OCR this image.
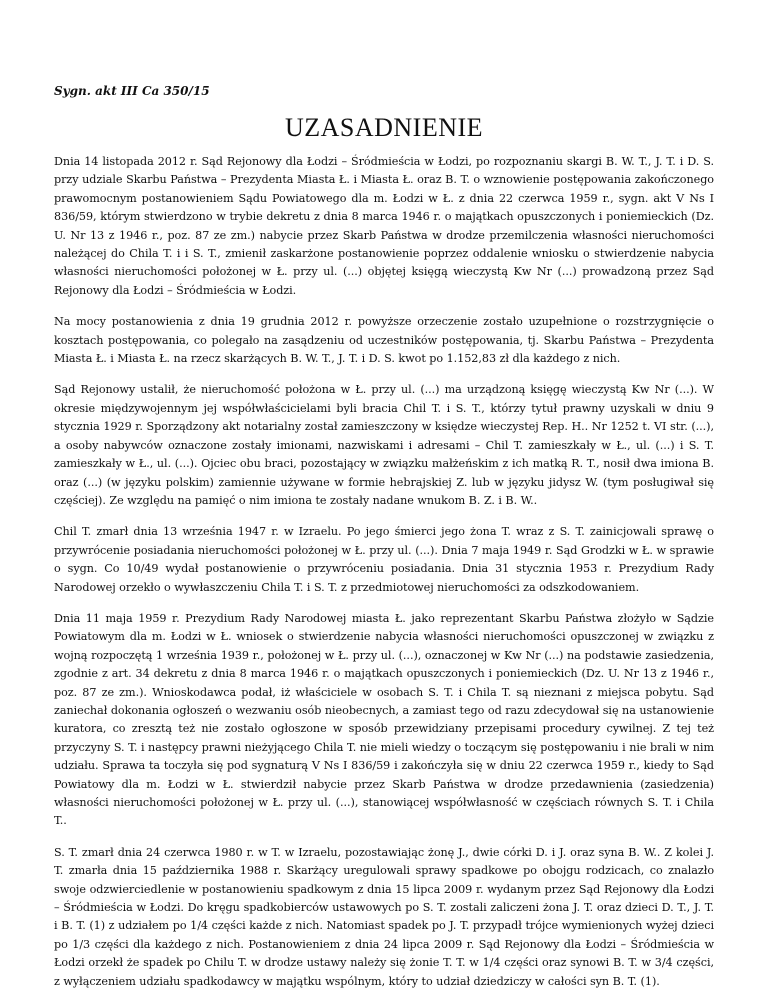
Sygn. akt III Ca 350/15
UZASADNIENIE

Dnia 14 listopada 2012 r. Sąd Rejonowy dla Łodzi – Śródmieścia w Łodzi, po rozpoznaniu skargi B. W. T., J. T. i D. S. przy udziale Skarbu Państwa – Prezydenta Miasta Ł. i Miasta Ł. oraz B. T. o wznowienie postępowania zakończonego prawomocnym postanowieniem Sądu Powiatowego dla m. Łodzi w Ł. z dnia 22 czerwca 1959 r., sygn. akt V Ns I 836/59, którym stwierdzono w trybie dekretu z dnia 8 marca 1946 r. o majątkach opuszczonych i poniemieckich (Dz. U. Nr 13 z 1946 r., poz. 87 ze zm.) nabycie przez Skarb Państwa w drodze przemilczenia własności nieruchomości należącej do Chila T. i i S. T., zmienił zaskarżone postanowienie poprzez oddalenie wniosku o stwierdzenie nabycia własności nieruchomości położonej w Ł. przy ul. (...) objętej księgą wieczystą Kw Nr (...) prowadzoną przez Sąd Rejonowy dla Łodzi – Śródmieścia w Łodzi.

Na mocy postanowienia z dnia 19 grudnia 2012 r. powyższe orzeczenie zostało uzupełnione o rozstrzygnięcie o kosztach postępowania, co polegało na zasądzeniu od uczestników postępowania, tj. Skarbu Państwa – Prezydenta Miasta Ł. i Miasta Ł. na rzecz skarżących B. W. T., J. T. i D. S. kwot po 1.152,83 zł dla każdego z nich.

Sąd Rejonowy ustalił, że nieruchomość położona w Ł. przy ul. (...) ma urządzoną księgę wieczystą Kw Nr (...). W okresie międzywojennym jej współwłaścicielami byli bracia Chil T. i S. T., którzy tytuł prawny uzyskali w dniu 9 stycznia 1929 r. Sporządzony akt notarialny został zamieszczony w księdze wieczystej Rep. H.. Nr 1252 t. VI str. (...), a osoby nabywców oznaczone zostały imionami, nazwiskami i adresami – Chil T. zamieszkały w Ł., ul. (...) i S. T. zamieszkały w Ł., ul. (...). Ojciec obu braci, pozostający w związku małżeńskim z ich matką R. T., nosił dwa imiona B. oraz (...) (w języku polskim) zamiennie używane w formie hebrajskiej Z. lub w języku jidysz W. (tym posługiwał się częściej). Ze względu na pamięć o nim imiona te zostały nadane wnukom B. Z. i B. W..

Chil T. zmarł dnia 13 września 1947 r. w Izraelu. Po jego śmierci jego żona T. wraz z S. T. zainicjowali sprawę o przywrócenie posiadania nieruchomości położonej w Ł. przy ul. (...). Dnia 7 maja 1949 r. Sąd Grodzki w Ł. w sprawie o sygn. Co 10/49 wydał postanowienie o przywróceniu posiadania. Dnia 31 stycznia 1953 r. Prezydium Rady Narodowej orzekło o wywłaszczeniu Chila T. i S. T. z przedmiotowej nieruchomości za odszkodowaniem.

Dnia 11 maja 1959 r. Prezydium Rady Narodowej miasta Ł. jako reprezentant Skarbu Państwa złożyło w Sądzie Powiatowym dla m. Łodzi w Ł. wniosek o stwierdzenie nabycia własności nieruchomości opuszczonej w związku z wojną rozpoczętą 1 września 1939 r., położonej w Ł. przy ul. (...), oznaczonej w Kw Nr (...) na podstawie zasiedzenia, zgodnie z art. 34 dekretu z dnia 8 marca 1946 r. o majątkach opuszczonych i poniemieckich (Dz. U. Nr 13 z 1946 r., poz. 87 ze zm.). Wnioskodawca podał, iż właściciele w osobach S. T. i Chila T. są nieznani z miejsca pobytu. Sąd zaniechał dokonania ogłoszeń o wezwaniu osób nieobecnych, a zamiast tego od razu zdecydował się na ustanowienie kuratora, co zresztą też nie zostało ogłoszone w sposób przewidziany przepisami procedury cywilnej. Z tej też przyczyny S. T. i następcy prawni nieżyjącego Chila T. nie mieli wiedzy o toczącym się postępowaniu i nie brali w nim udziału. Sprawa ta toczyła się pod sygnaturą V Ns I 836/59 i zakończyła się w dniu 22 czerwca 1959 r., kiedy to Sąd Powiatowy dla m. Łodzi w Ł. stwierdził nabycie przez Skarb Państwa w drodze przedawnienia (zasiedzenia) własności nieruchomości położonej w Ł. przy ul. (...), stanowiącej współwłasność w częściach równych S. T. i Chila T..

S. T. zmarł dnia 24 czerwca 1980 r. w T. w Izraelu, pozostawiając żonę J., dwie córki D. i J. oraz syna B. W.. Z kolei J. T. zmarła dnia 15 października 1988 r. Skarżący uregulowali sprawy spadkowe po obojgu rodzicach, co znalazło swoje odzwierciedlenie w postanowieniu spadkowym z dnia 15 lipca 2009 r. wydanym przez Sąd Rejonowy dla Łodzi – Śródmieścia w Łodzi. Do kręgu spadkobierców ustawowych po S. T. zostali zaliczeni żona J. T. oraz dzieci D. T., J. T. i B. T. (1) z udziałem po 1/4 części każde z nich. Natomiast spadek po J. T. przypadł trójce wymienionych wyżej dzieci po 1/3 części dla każdego z nich. Postanowieniem z dnia 24 lipca 2009 r. Sąd Rejonowy dla Łodzi – Śródmieścia w Łodzi orzekł że spadek po Chilu T. w drodze ustawy należy się żonie T. T. w 1/4 części oraz synowi B. T. w 3/4 części, z wyłączeniem udziału spadkodawcy w majątku wspólnym, który to udział dziedziczy w całości syn B. T. (1).
